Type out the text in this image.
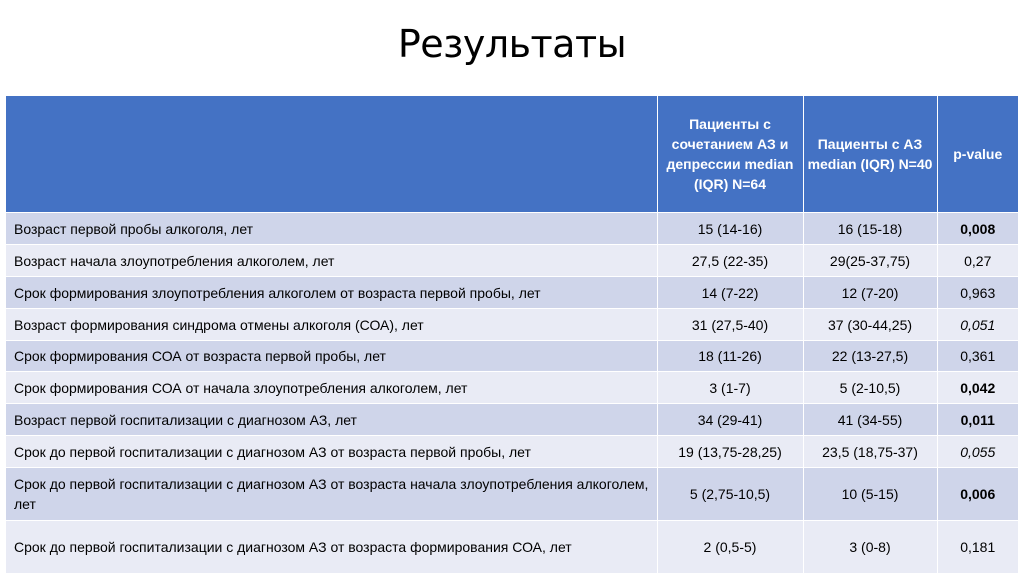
Результаты
	Пациенты с сочетанием АЗ и депрессии median (IQR) N=64	Пациенты с АЗ median (IQR) N=40	p-value
Возраст первой пробы алкоголя, лет	15 (14-16)	16 (15-18)	0,008
Возраст начала злоупотребления алкоголем, лет	27,5 (22-35)	29(25-37,75)	0,27
Срок формирования злоупотребления алкоголем от возраста первой пробы, лет	14 (7-22)	12 (7-20)	0,963
Возраст формирования синдрома отмены алкоголя (СОА), лет	31 (27,5-40)	37 (30-44,25)	0,051
Срок формирования СОА от возраста первой пробы, лет	18 (11-26)	22 (13-27,5)	0,361
Срок формирования СОА от начала злоупотребления алкоголем, лет	3 (1-7)	5 (2-10,5)	0,042
Возраст первой госпитализации с диагнозом АЗ, лет	34 (29-41)	41 (34-55)	0,011
Срок до первой госпитализации с диагнозом АЗ от возраста первой пробы, лет	19 (13,75-28,25)	23,5 (18,75-37)	0,055
Срок до первой госпитализации с диагнозом АЗ от возраста начала злоупотребления алкоголем, лет	5 (2,75-10,5)	10 (5-15)	0,006
Срок до первой госпитализации с диагнозом АЗ от возраста формирования СОА, лет	2 (0,5-5)	3 (0-8)	0,181
